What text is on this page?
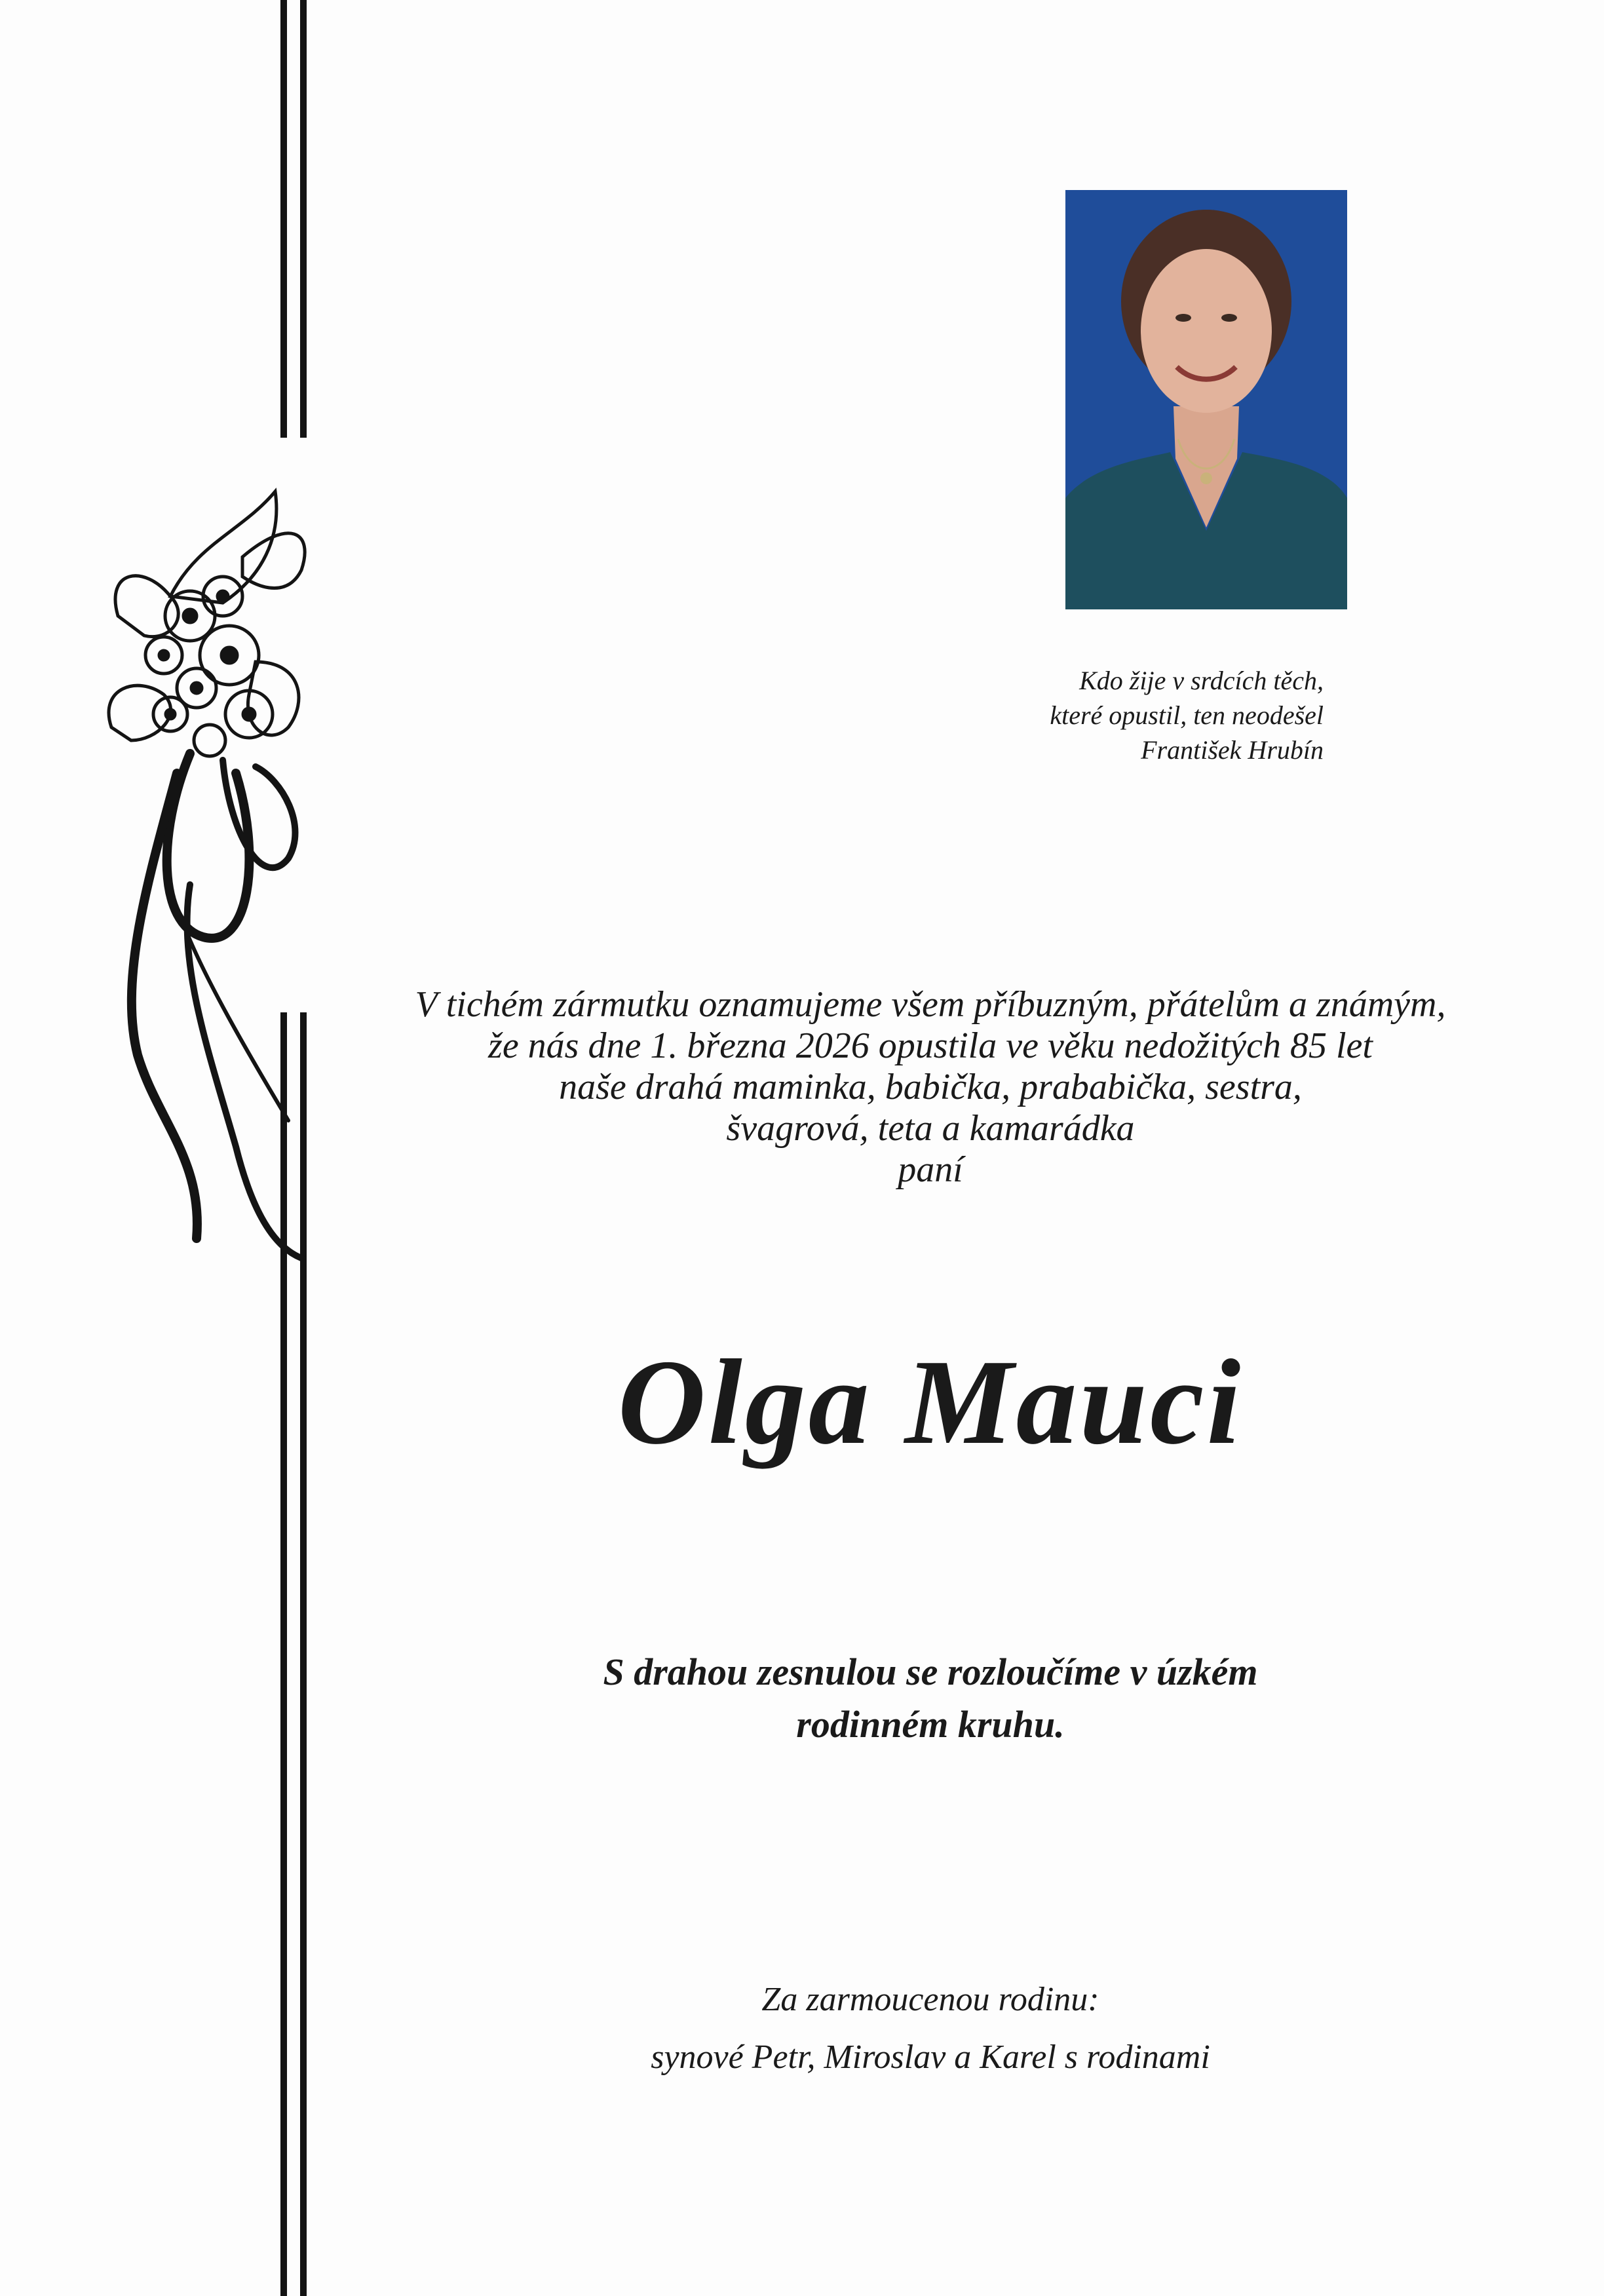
Kdo žije v srdcích těch,
které opustil, ten neodešel
František Hrubín
V tichém zármutku oznamujeme všem příbuzným, přátelům a známým,
že nás dne 1. března 2026 opustila ve věku nedožitých 85 let
naše drahá maminka, babička, prababička, sestra,
švagrová, teta a kamarádka
paní
Olga Mauci
S drahou zesnulou se rozloučíme v úzkém
rodinném kruhu.
Za zarmoucenou rodinu:
synové Petr, Miroslav a Karel s rodinami
